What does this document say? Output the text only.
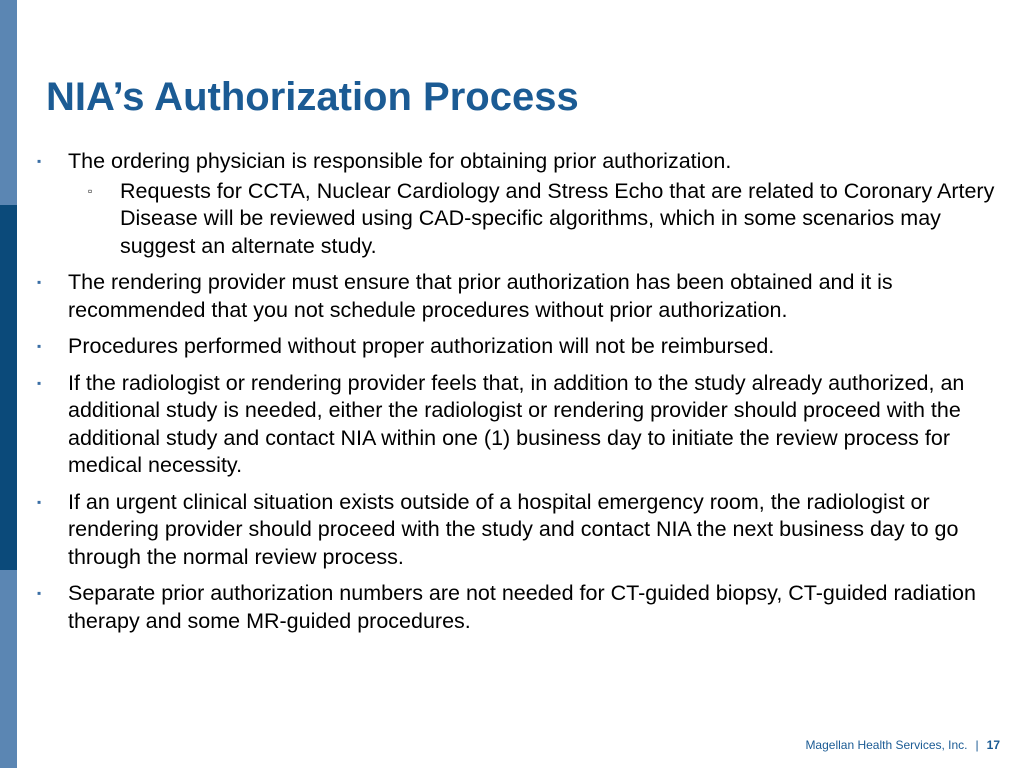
NIA’s Authorization Process
▪	The ordering physician is responsible for obtaining prior authorization.
▫	Requests for CCTA, Nuclear Cardiology and Stress Echo that are related to Coronary Artery Disease will be reviewed using CAD-specific algorithms, which in some scenarios may suggest an alternate study.
▪	The rendering provider must ensure that prior authorization has been obtained and it is recommended that you not schedule procedures without prior authorization.
▪	Procedures performed without proper authorization will not be reimbursed.
▪	If the radiologist or rendering provider feels that, in addition to the study already authorized, an additional study is needed, either the radiologist or rendering provider should proceed with the additional study and contact NIA within one (1) business day to initiate the review process for medical necessity.
▪	If an urgent clinical situation exists outside of a hospital emergency room, the radiologist or rendering provider should proceed with the study and contact NIA the next business day to go through the normal review process.
▪	Separate prior authorization numbers are not needed for CT-guided biopsy, CT-guided radiation therapy and some MR-guided procedures.
Magellan Health Services, Inc. | 17
